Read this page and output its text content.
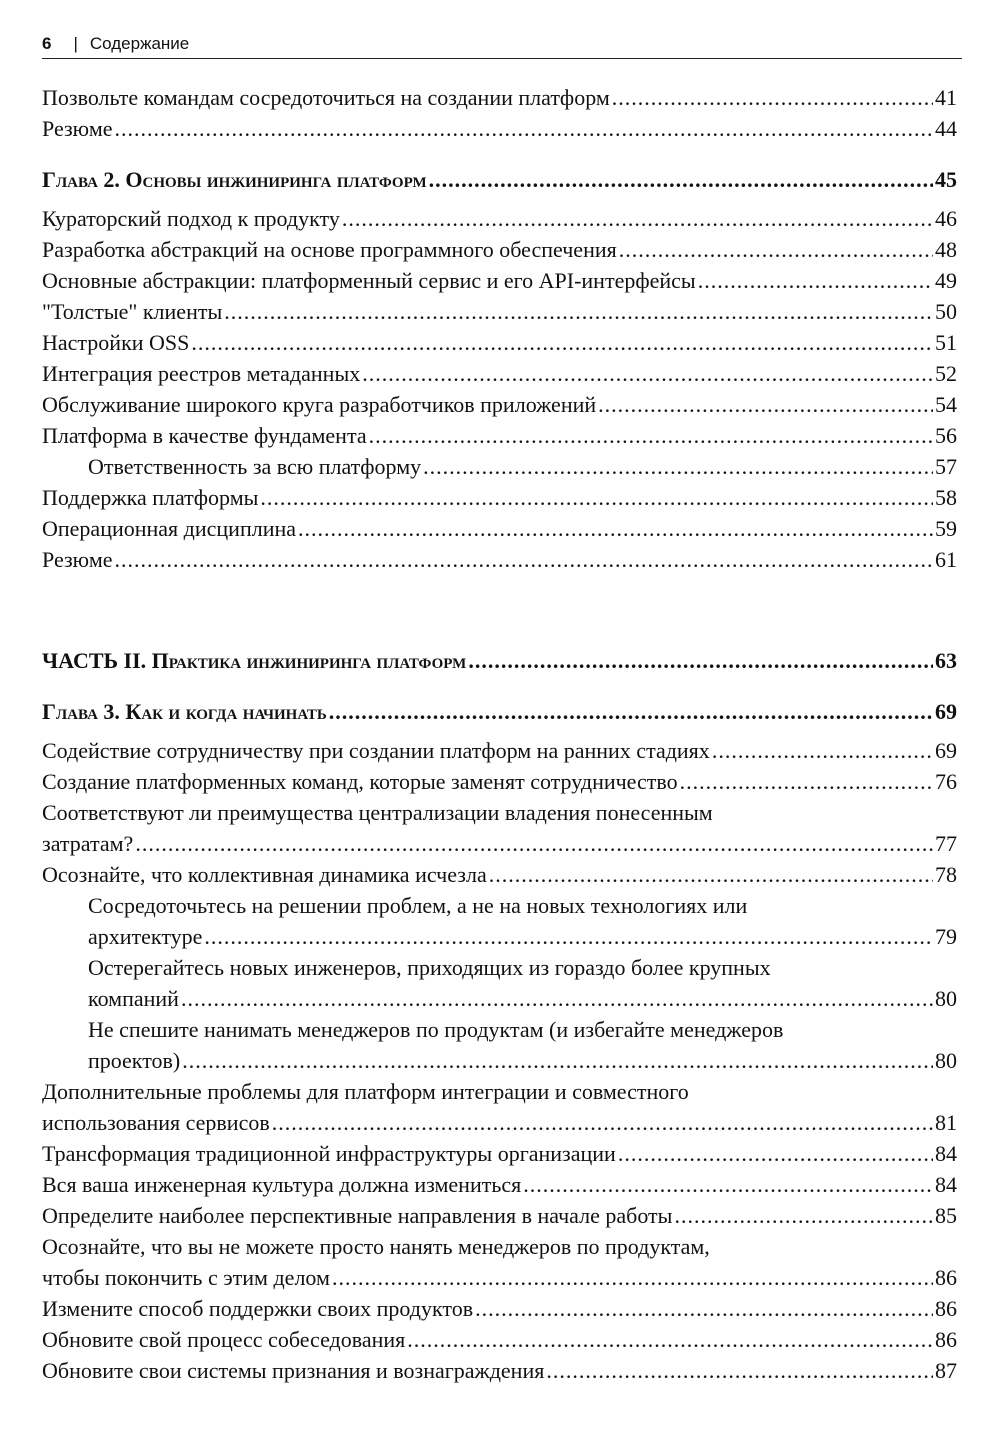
6 | Содержание
Позвольте командам сосредоточиться на создании платформ .....	41
Резюме .....	44
Глава 2. Основы инжиниринга платформ .....	45
Кураторский подход к продукту .....	46
Разработка абстракций на основе программного обеспечения .....	48
Основные абстракции: платформенный сервис и его API-интерфейсы .....	49
"Толстые" клиенты .....	50
Настройки OSS .....	51
Интеграция реестров метаданных .....	52
Обслуживание широкого круга разработчиков приложений .....	54
Платформа в качестве фундамента .....	56
Ответственность за всю платформу .....	57
Поддержка платформы .....	58
Операционная дисциплина .....	59
Резюме .....	61
ЧАСТЬ II. Практика инжиниринга платформ .....	63
Глава 3. Как и когда начинать .....	69
Содействие сотрудничеству при создании платформ на ранних стадиях .....	69
Создание платформенных команд, которые заменят сотрудничество .....	76
Соответствуют ли преимущества централизации владения понесенным
затратам? .....	77
Осознайте, что коллективная динамика исчезла .....	78
Сосредоточьтесь на решении проблем, а не на новых технологиях или
архитектуре .....	79
Остерегайтесь новых инженеров, приходящих из гораздо более крупных
компаний .....	80
Не спешите нанимать менеджеров по продуктам (и избегайте менеджеров
проектов) .....	80
Дополнительные проблемы для платформ интеграции и совместного
использования сервисов .....	81
Трансформация традиционной инфраструктуры организации .....	84
Вся ваша инженерная культура должна измениться .....	84
Определите наиболее перспективные направления в начале работы .....	85
Осознайте, что вы не можете просто нанять менеджеров по продуктам,
чтобы покончить с этим делом .....	86
Измените способ поддержки своих продуктов .....	86
Обновите свой процесс собеседования .....	86
Обновите свои системы признания и вознаграждения .....	87
